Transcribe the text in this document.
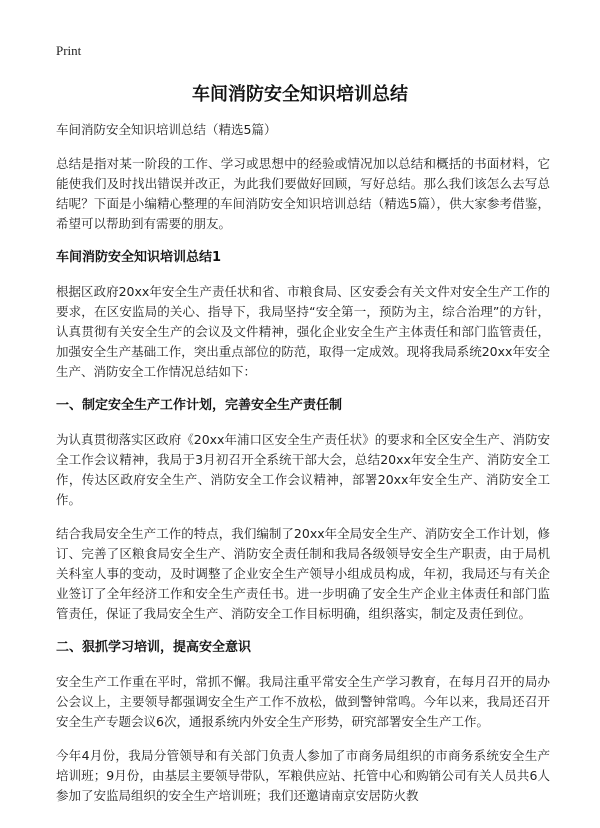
Print
车间消防安全知识培训总结

车间消防安全知识培训总结（精选5篇）

总结是指对某一阶段的工作、学习或思想中的经验或情况加以总结和概括的书面材料，它能使我们及时找出错误并改正，为此我们要做好回顾，写好总结。那么我们该怎么去写总结呢？下面是小编精心整理的车间消防安全知识培训总结（精选5篇），供大家参考借鉴，希望可以帮助到有需要的朋友。

车间消防安全知识培训总结1

根据区政府20xx年安全生产责任状和省、市粮食局、区安委会有关文件对安全生产工作的要求，在区安监局的关心、指导下，我局坚持“安全第一，预防为主，综合治理”的方针，认真贯彻有关安全生产的会议及文件精神，强化企业安全生产主体责任和部门监管责任，加强安全生产基础工作，突出重点部位的防范，取得一定成效。现将我局系统20xx年安全生产、消防安全工作情况总结如下：

一、制定安全生产工作计划，完善安全生产责任制

为认真贯彻落实区政府《20xx年浦口区安全生产责任状》的要求和全区安全生产、消防安全工作会议精神，我局于3月初召开全系统干部大会，总结20xx年安全生产、消防安全工作，传达区政府安全生产、消防安全工作会议精神，部署20xx年安全生产、消防安全工作。

结合我局安全生产工作的特点，我们编制了20xx年全局安全生产、消防安全工作计划，修订、完善了区粮食局安全生产、消防安全责任制和我局各级领导安全生产职责，由于局机关科室人事的变动，及时调整了企业安全生产领导小组成员构成，年初，我局还与有关企业签订了全年经济工作和安全生产责任书。进一步明确了安全生产企业主体责任和部门监管责任，保证了我局安全生产、消防安全工作目标明确，组织落实，制定及责任到位。

二、狠抓学习培训，提高安全意识

安全生产工作重在平时，常抓不懈。我局注重平常安全生产学习教育，在每月召开的局办公会议上，主要领导都强调安全生产工作不放松，做到警钟常鸣。今年以来，我局还召开安全生产专题会议6次，通报系统内外安全生产形势，研究部署安全生产工作。

今年4月份，我局分管领导和有关部门负责人参加了市商务局组织的市商务系统安全生产培训班；9月份，由基层主要领导带队，军粮供应站、托管中心和购销公司有关人员共6人参加了安监局组织的安全生产培训班；我们还邀请南京安居防火教
